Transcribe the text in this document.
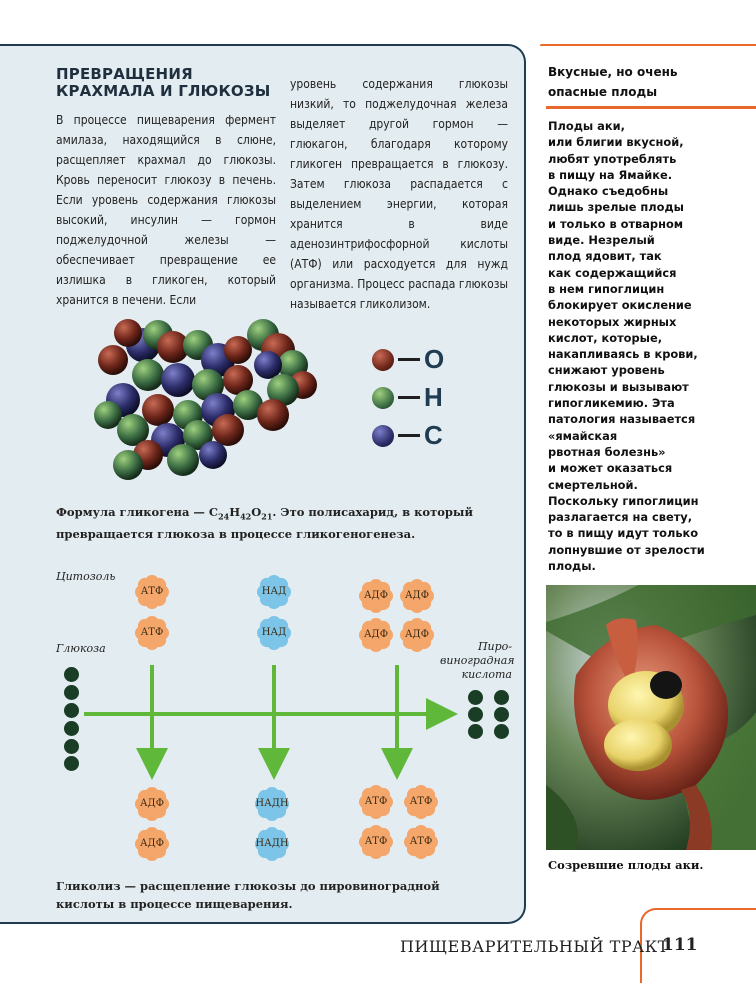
ПРЕВРАЩЕНИЯ КРАХМАЛА И ГЛЮКОЗЫ
В процессе пищеварения фермент амилаза, находящийся в слюне, расщепляет крахмал до глюкозы. Кровь переносит глюкозу в печень. Если уровень содержания глюкозы высокий, инсулин — гормон поджелудочной железы — обеспечивает превращение ее излишка в гликоген, который хранится в печени. Если
уровень содержания глюкозы низкий, то поджелудочная железа выделяет другой гормон — глюкагон, благодаря которому гликоген превращается в глюкозу. Затем глюкоза распадается с выделением энергии, которая хранится в виде аденозинтрифосфорной кислоты (АТФ) или расходуется для нужд организма. Процесс распада глюкозы называется гликолизом.
O
H
C
Формула гликогена — $C_{24}H_{42}O_{21}$. Это полисахарид, в который превращается глюкоза в процессе гликогеногенеза.
Цитозоль
Глюкоза	Пиро-
виноградная
кислота
АТФ
АТФ
НАД
НАД
АДФ	АДФ
АДФ	АДФ
АДФ
АДФ
НАДН
НАДН
АТФ	АТФ
АТФ	АТФ
Гликолиз — расщепление глюкозы до пировиноградной кислоты в процессе пищеварения.
Вкусные, но очень
опасные плоды
Плоды аки,
или блигии вкусной,
любят употреблять
в пищу на Ямайке.
Однако съедобны
лишь зрелые плоды
и только в отварном
виде. Незрелый
плод ядовит, так
как содержащийся
в нем гипоглицин
блокирует окисление
некоторых жирных
кислот, которые,
накапливаясь в крови,
снижают уровень
глюкозы и вызывают
гипогликемию. Эта
патология называется
«ямайская
рвотная болезнь»
и может оказаться
смертельной.
Поскольку гипоглицин
разлагается на свету,
то в пищу идут только
лопнувшие от зрелости
плоды.
Созревшие плоды аки.
ПИЩЕВАРИТЕЛЬНЫЙ ТРАКТ
111
